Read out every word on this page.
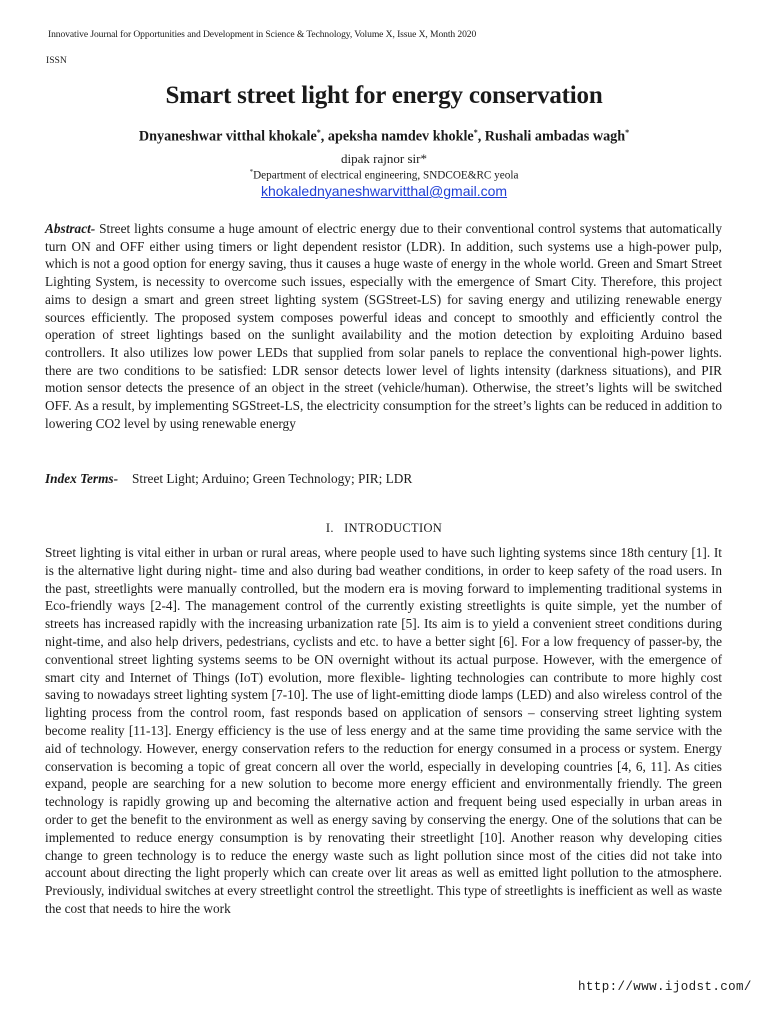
Innovative Journal for Opportunities and Development in Science & Technology, Volume X, Issue X, Month 2020
ISSN
Smart street light for energy conservation
Dnyaneshwar vitthal khokale*, apeksha namdev khokle*, Rushali ambadas wagh*
dipak rajnor sir*
*Department of electrical engineering, SNDCOE&RC yeola
khokalednyaneshwarvitthal@gmail.com
Abstract- Street lights consume a huge amount of electric energy due to their conventional control systems that automatically turn ON and OFF either using timers or light dependent resistor (LDR). In addition, such systems use a high-power pulp, which is not a good option for energy saving, thus it causes a huge waste of energy in the whole world. Green and Smart Street Lighting System, is necessity to overcome such issues, especially with the emergence of Smart City. Therefore, this project aims to design a smart and green street lighting system (SGStreet-LS) for saving energy and utilizing renewable energy sources efficiently. The proposed system composes powerful ideas and concept to smoothly and efficiently control the operation of street lightings based on the sunlight availability and the motion detection by exploiting Arduino based controllers. It also utilizes low power LEDs that supplied from solar panels to replace the conventional high-power lights. there are two conditions to be satisfied: LDR sensor detects lower level of lights intensity (darkness situations), and PIR motion sensor detects the presence of an object in the street (vehicle/human). Otherwise, the street’s lights will be switched OFF. As a result, by implementing SGStreet-LS, the electricity consumption for the street’s lights can be reduced in addition to lowering CO2 level by using renewable energy
Index Terms- Street Light; Arduino; Green Technology; PIR; LDR
I. INTRODUCTION
Street lighting is vital either in urban or rural areas, where people used to have such lighting systems since 18th century [1]. It is the alternative light during night- time and also during bad weather conditions, in order to keep safety of the road users. In the past, streetlights were manually controlled, but the modern era is moving forward to implementing traditional systems in Eco-friendly ways [2-4]. The management control of the currently existing streetlights is quite simple, yet the number of streets has increased rapidly with the increasing urbanization rate [5]. Its aim is to yield a convenient street conditions during night-time, and also help drivers, pedestrians, cyclists and etc. to have a better sight [6]. For a low frequency of passer-by, the conventional street lighting systems seems to be ON overnight without its actual purpose. However, with the emergence of smart city and Internet of Things (IoT) evolution, more flexible- lighting technologies can contribute to more highly cost saving to nowadays street lighting system [7-10]. The use of light-emitting diode lamps (LED) and also wireless control of the lighting process from the control room, fast responds based on application of sensors – conserving street lighting system become reality [11-13]. Energy efficiency is the use of less energy and at the same time providing the same service with the aid of technology. However, energy conservation refers to the reduction for energy consumed in a process or system. Energy conservation is becoming a topic of great concern all over the world, especially in developing countries [4, 6, 11]. As cities expand, people are searching for a new solution to become more energy efficient and environmentally friendly. The green technology is rapidly growing up and becoming the alternative action and frequent being used especially in urban areas in order to get the benefit to the environment as well as energy saving by conserving the energy. One of the solutions that can be implemented to reduce energy consumption is by renovating their streetlight [10]. Another reason why developing cities change to green technology is to reduce the energy waste such as light pollution since most of the cities did not take into account about directing the light properly which can create over lit areas as well as emitted light pollution to the atmosphere. Previously, individual switches at every streetlight control the streetlight. This type of streetlights is inefficient as well as waste the cost that needs to hire the work
http://www.ijodst.com/
